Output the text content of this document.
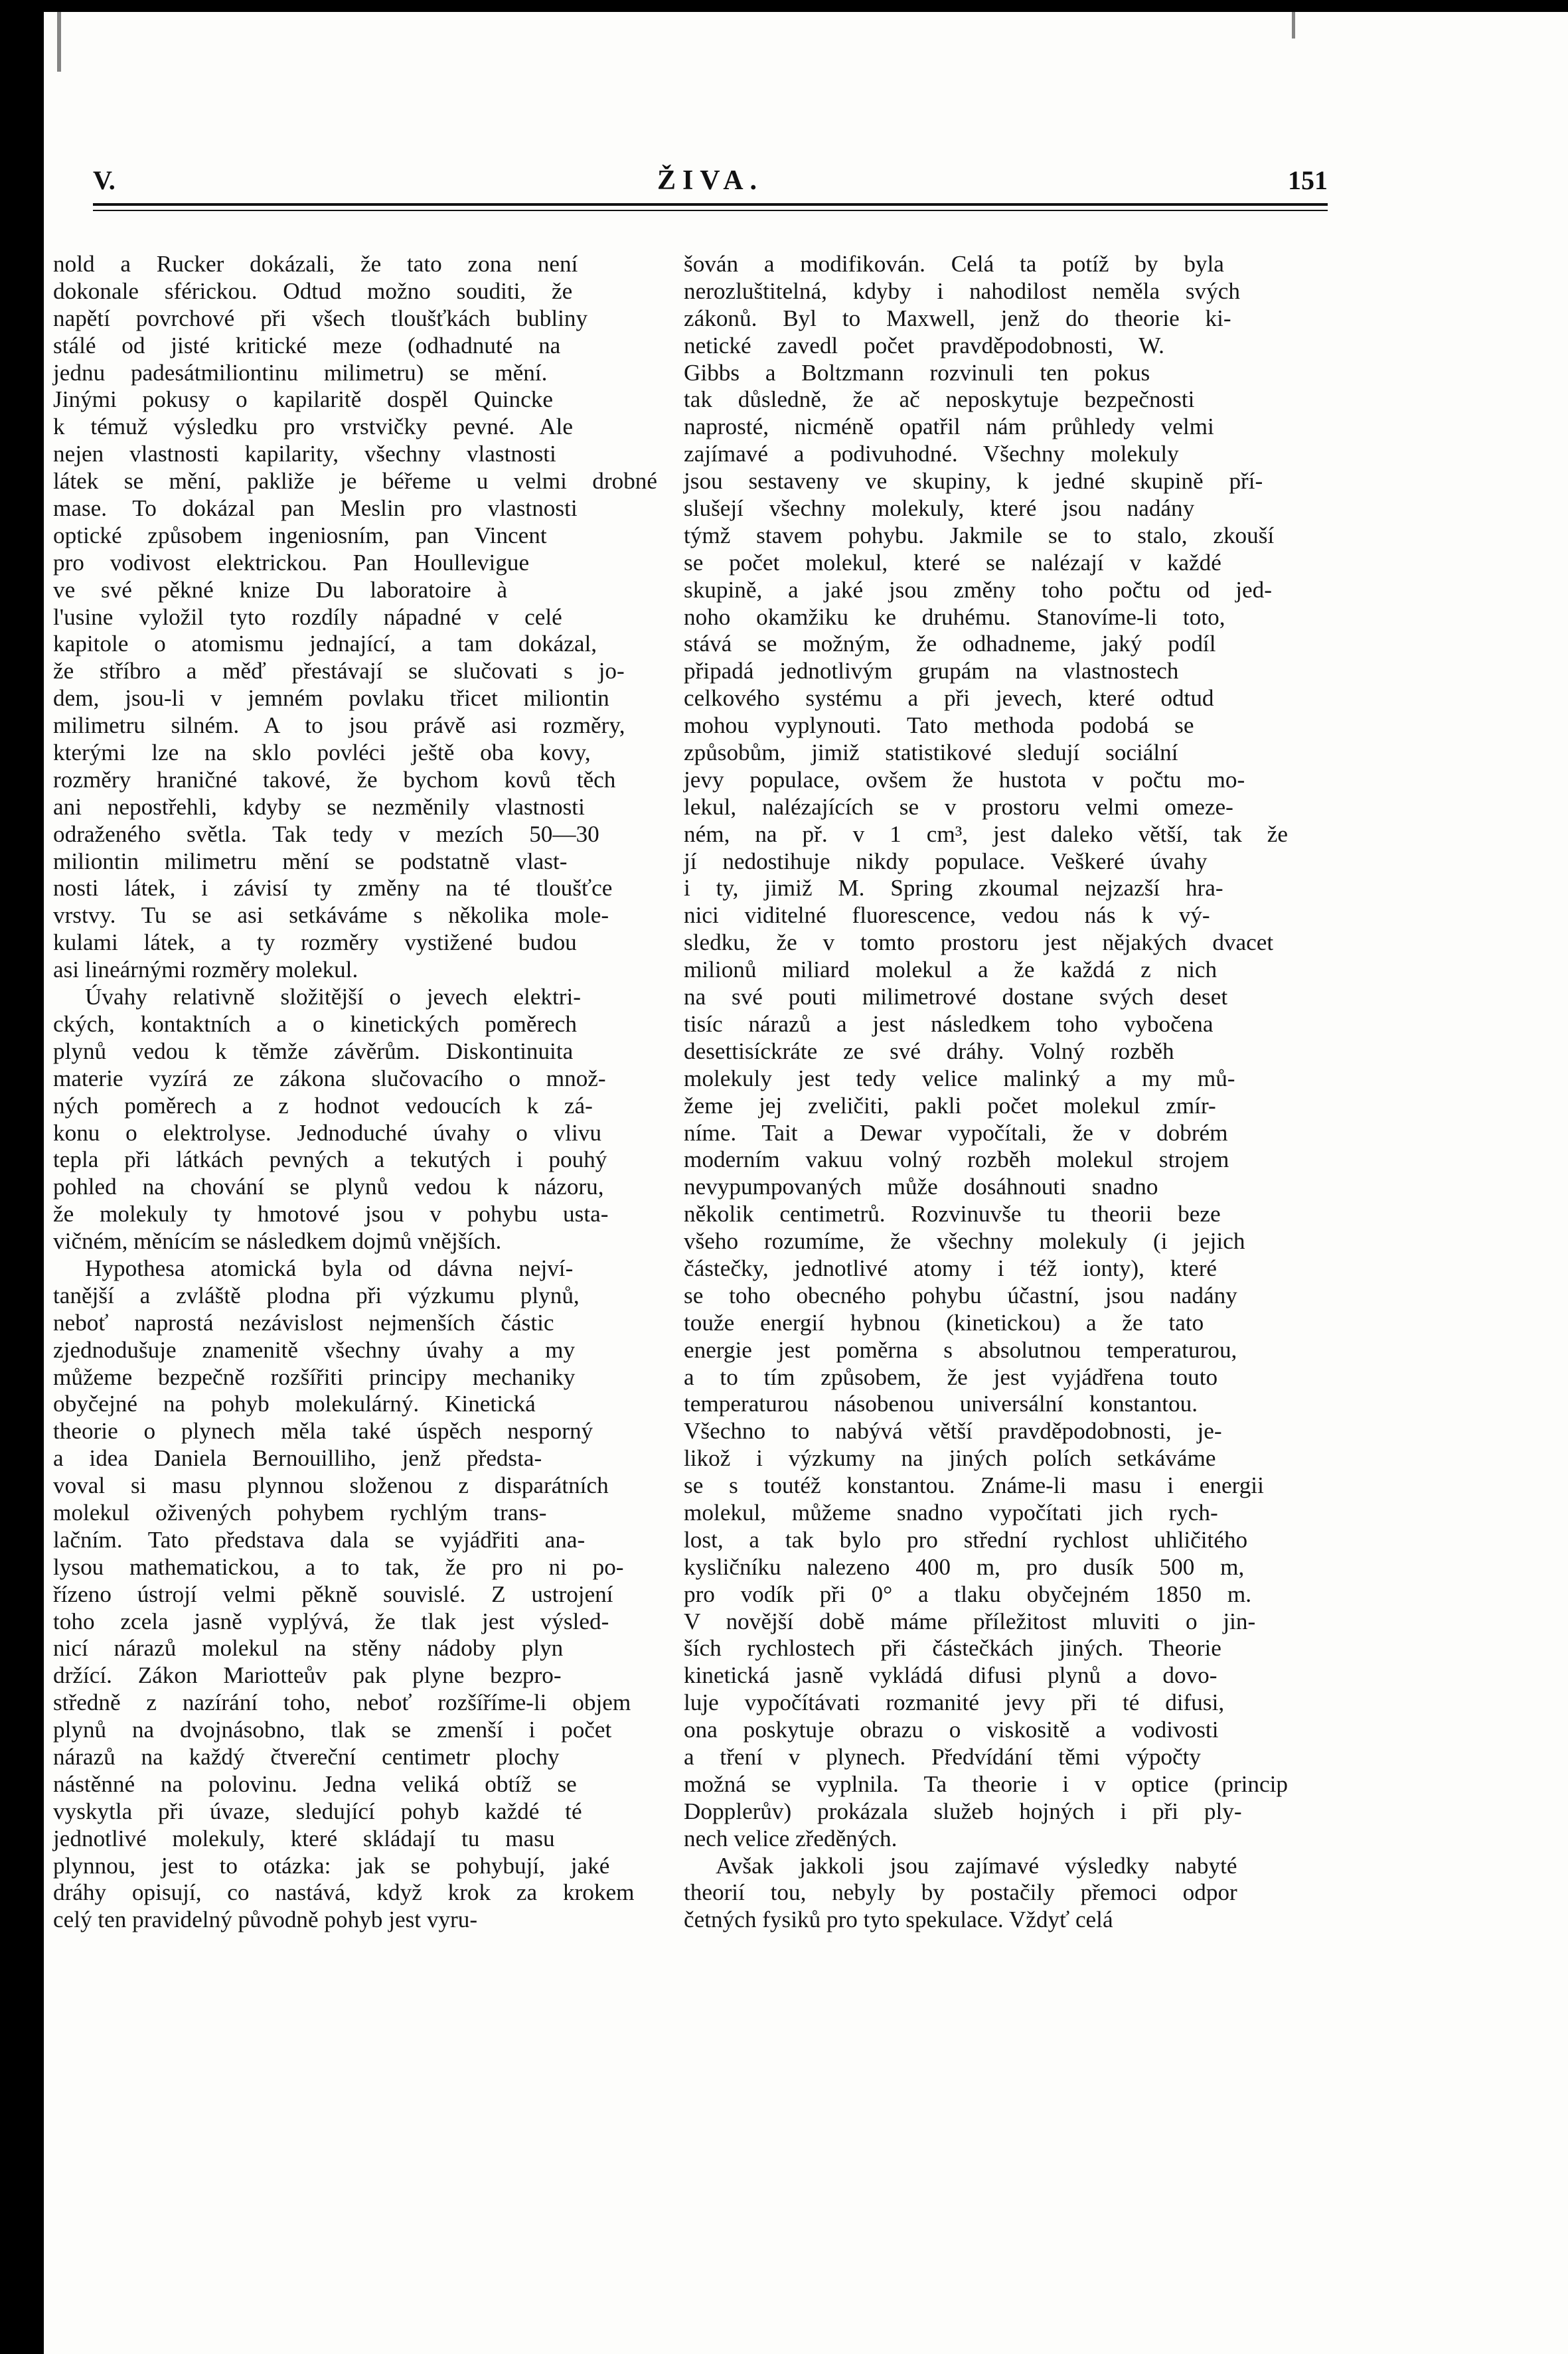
V.	ŽIVA.	151
nold a Rucker dokázali, že tato zona není
dokonale sférickou. Odtud možno souditi, že
napětí povrchové při všech tloušťkách bubliny
stálé od jisté kritické meze (odhadnuté na
jednu padesátmiliontinu milimetru) se mění.
Jinými pokusy o kapilaritě dospěl Quincke
k témuž výsledku pro vrstvičky pevné. Ale
nejen vlastnosti kapilarity, všechny vlastnosti
látek se mění, pakliže je béřeme u velmi drobné
mase. To dokázal pan Meslin pro vlastnosti
optické způsobem ingeniosním, pan Vincent
pro vodivost elektrickou. Pan Houllevigue
ve své pěkné knize Du laboratoire à
l'usine vyložil tyto rozdíly nápadné v celé
kapitole o atomismu jednající, a tam dokázal,
že stříbro a měď přestávají se slučovati s jo-
dem, jsou-li v jemném povlaku třicet miliontin
milimetru silném. A to jsou právě asi rozměry,
kterými lze na sklo povléci ještě oba kovy,
rozměry hraničné takové, že bychom kovů těch
ani nepostřehli, kdyby se nezměnily vlastnosti
odraženého světla. Tak tedy v mezích 50—30
miliontin milimetru mění se podstatně vlast-
nosti látek, i závisí ty změny na té tloušťce
vrstvy. Tu se asi setkáváme s několika mole-
kulami látek, a ty rozměry vystižené budou
asi lineárnými rozměry molekul.
Úvahy relativně složitější o jevech elektri-
ckých, kontaktních a o kinetických poměrech
plynů vedou k těmže závěrům. Diskontinuita
materie vyzírá ze zákona slučovacího o množ-
ných poměrech a z hodnot vedoucích k zá-
konu o elektrolyse. Jednoduché úvahy o vlivu
tepla při látkách pevných a tekutých i pouhý
pohled na chování se plynů vedou k názoru,
že molekuly ty hmotové jsou v pohybu usta-
vičném, měnícím se následkem dojmů vnějších.
Hypothesa atomická byla od dávna nejví-
tanější a zvláště plodna při výzkumu plynů,
neboť naprostá nezávislost nejmenších částic
zjednodušuje znamenitě všechny úvahy a my
můžeme bezpečně rozšířiti principy mechaniky
obyčejné na pohyb molekulárný. Kinetická
theorie o plynech měla také úspěch nesporný
a idea Daniela Bernouilliho, jenž předsta-
voval si masu plynnou složenou z disparátních
molekul oživených pohybem rychlým trans-
lačním. Tato představa dala se vyjádřiti ana-
lysou mathematickou, a to tak, že pro ni po-
řízeno ústrojí velmi pěkně souvislé. Z ustrojení
toho zcela jasně vyplývá, že tlak jest výsled-
nicí nárazů molekul na stěny nádoby plyn
držící. Zákon Mariotteův pak plyne bezpro-
středně z nazírání toho, neboť rozšíříme-li objem
plynů na dvojnásobno, tlak se zmenší i počet
nárazů na každý čtvereční centimetr plochy
nástěnné na polovinu. Jedna veliká obtíž se
vyskytla při úvaze, sledující pohyb každé té
jednotlivé molekuly, které skládají tu masu
plynnou, jest to otázka: jak se pohybují, jaké
dráhy opisují, co nastává, když krok za krokem
celý ten pravidelný původně pohyb jest vyru-
šován a modifikován. Celá ta potíž by byla
nerozluštitelná, kdyby i nahodilost neměla svých
zákonů. Byl to Maxwell, jenž do theorie ki-
netické zavedl počet pravděpodobnosti, W.
Gibbs a Boltzmann rozvinuli ten pokus
tak důsledně, že ač neposkytuje bezpečnosti
naprosté, nicméně opatřil nám průhledy velmi
zajímavé a podivuhodné. Všechny molekuly
jsou sestaveny ve skupiny, k jedné skupině pří-
slušejí všechny molekuly, které jsou nadány
týmž stavem pohybu. Jakmile se to stalo, zkouší
se počet molekul, které se nalézají v každé
skupině, a jaké jsou změny toho počtu od jed-
noho okamžiku ke druhému. Stanovíme-li toto,
stává se možným, že odhadneme, jaký podíl
připadá jednotlivým grupám na vlastnostech
celkového systému a při jevech, které odtud
mohou vyplynouti. Tato methoda podobá se
způsobům, jimiž statistikové sledují sociální
jevy populace, ovšem že hustota v počtu mo-
lekul, nalézajících se v prostoru velmi omeze-
ném, na př. v 1 cm³, jest daleko větší, tak že
jí nedostihuje nikdy populace. Veškeré úvahy
i ty, jimiž M. Spring zkoumal nejzazší hra-
nici viditelné fluorescence, vedou nás k vý-
sledku, že v tomto prostoru jest nějakých dvacet
milionů miliard molekul a že každá z nich
na své pouti milimetrové dostane svých deset
tisíc nárazů a jest následkem toho vybočena
desettisíckráte ze své dráhy. Volný rozběh
molekuly jest tedy velice malinký a my mů-
žeme jej zveličiti, pakli počet molekul zmír-
níme. Tait a Dewar vypočítali, že v dobrém
moderním vakuu volný rozběh molekul strojem
nevypumpovaných může dosáhnouti snadno
několik centimetrů. Rozvinuvše tu theorii beze
všeho rozumíme, že všechny molekuly (i jejich
částečky, jednotlivé atomy i též ionty), které
se toho obecného pohybu účastní, jsou nadány
touže energií hybnou (kinetickou) a že tato
energie jest poměrna s absolutnou temperaturou,
a to tím způsobem, že jest vyjádřena touto
temperaturou násobenou universální konstantou.
Všechno to nabývá větší pravděpodobnosti, je-
likož i výzkumy na jiných polích setkáváme
se s toutéž konstantou. Známe-li masu i energii
molekul, můžeme snadno vypočítati jich rych-
lost, a tak bylo pro střední rychlost uhličitého
kysličníku nalezeno 400 m, pro dusík 500 m,
pro vodík při 0° a tlaku obyčejném 1850 m.
V novější době máme příležitost mluviti o jin-
ších rychlostech při částečkách jiných. Theorie
kinetická jasně vykládá difusi plynů a dovo-
luje vypočítávati rozmanité jevy při té difusi,
ona poskytuje obrazu o viskositě a vodivosti
a tření v plynech. Předvídání těmi výpočty
možná se vyplnila. Ta theorie i v optice (princip
Dopplerův) prokázala služeb hojných i při ply-
nech velice zředěných.
Avšak jakkoli jsou zajímavé výsledky nabyté
theorií tou, nebyly by postačily přemoci odpor
četných fysiků pro tyto spekulace. Vždyť celá
